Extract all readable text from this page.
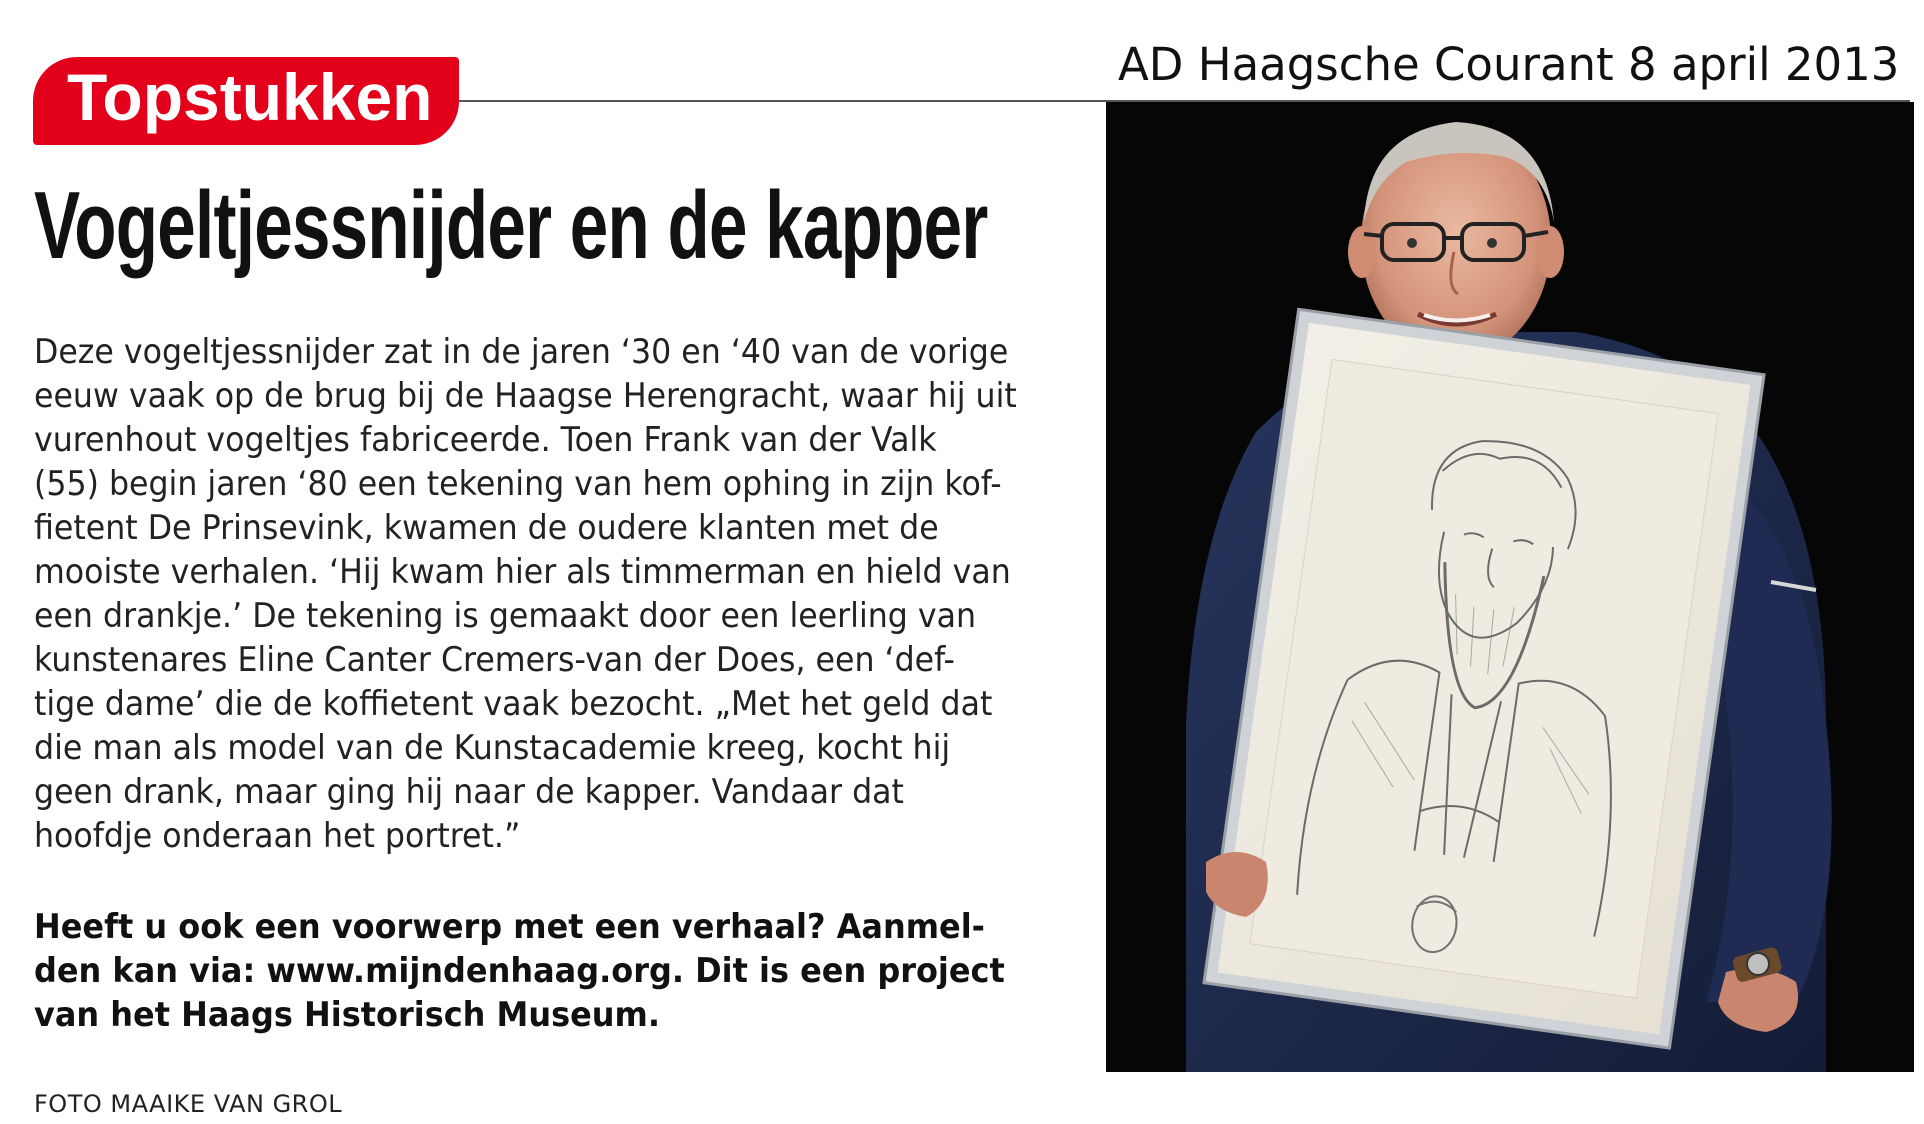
AD Haagsche Courant 8 april 2013
Topstukken
Vogeltjessnijder en de kapper
Deze vogeltjessnijder zat in de jaren ‘30 en ‘40 van de vorige
eeuw vaak op de brug bij de Haagse Herengracht, waar hij uit
vurenhout vogeltjes fabriceerde. Toen Frank van der Valk
(55) begin jaren ‘80 een tekening van hem ophing in zijn kof-
fietent De Prinsevink, kwamen de oudere klanten met de
mooiste verhalen. ‘Hij kwam hier als timmerman en hield van
een drankje.’ De tekening is gemaakt door een leerling van
kunstenares Eline Canter Cremers-van der Does, een ‘def-
tige dame’ die de koffietent vaak bezocht. „Met het geld dat
die man als model van de Kunstacademie kreeg, kocht hij
geen drank, maar ging hij naar de kapper. Vandaar dat
hoofdje onderaan het portret.”
Heeft u ook een voorwerp met een verhaal? Aanmel-
den kan via: www.mijndenhaag.org. Dit is een project
van het Haags Historisch Museum.
FOTO MAAIKE VAN GROL
